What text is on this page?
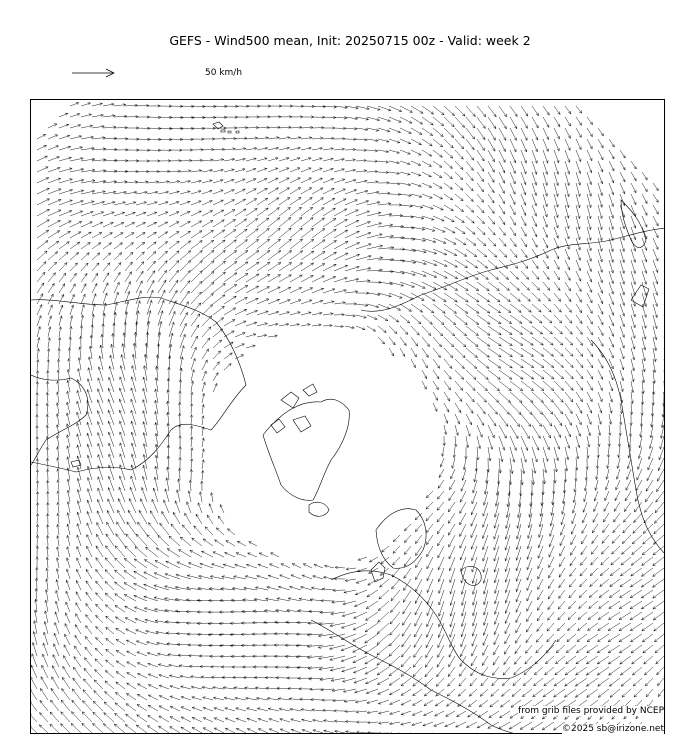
GEFS - Wind500 mean, Init: 20250715 00z - Valid: week 2
50 km/h
from grib files provided by NCEP
©2025 sb@irizone.net
